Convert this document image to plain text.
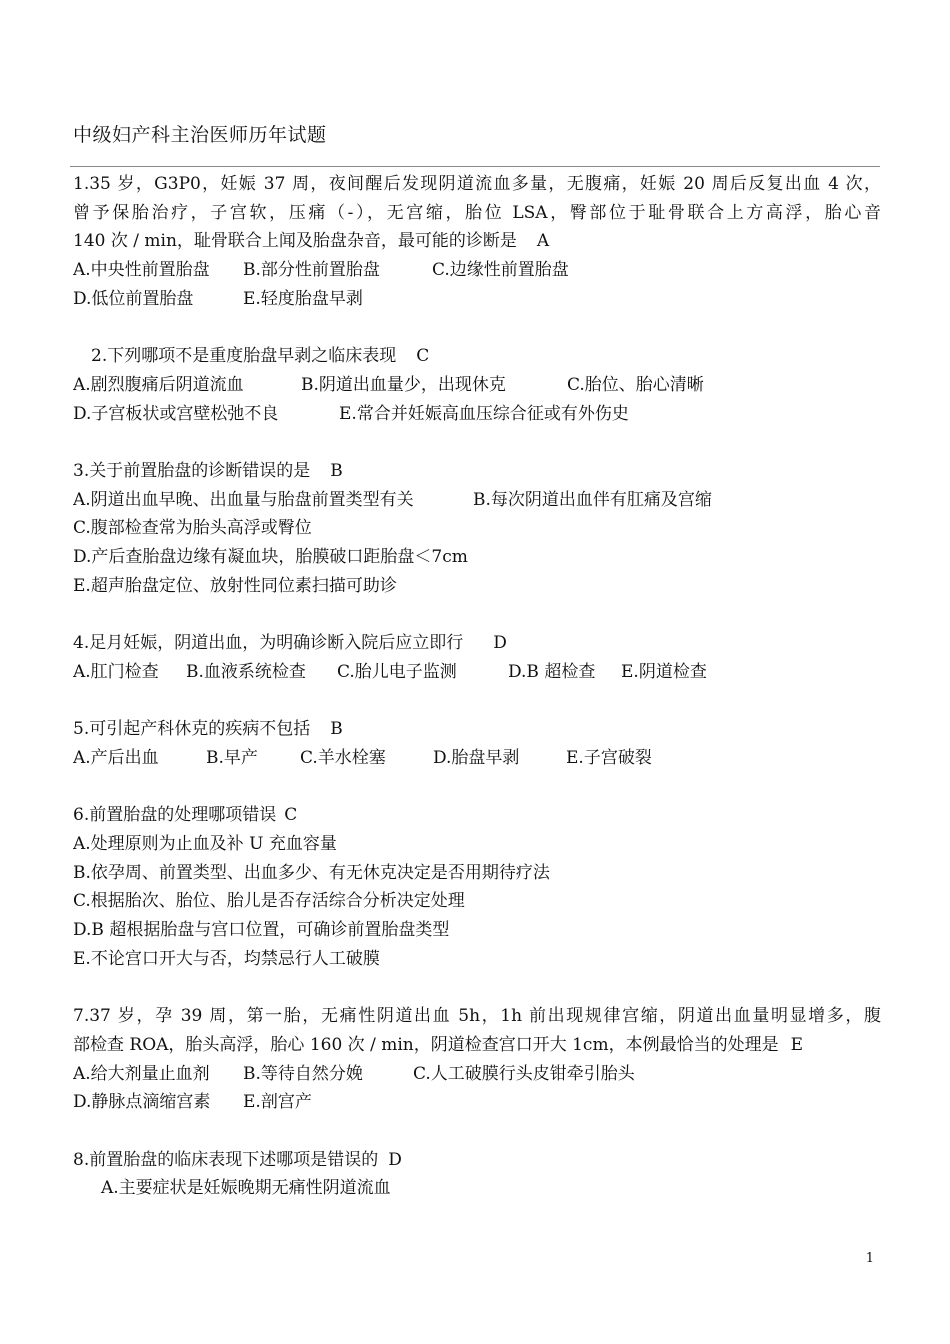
中级妇产科主治医师历年试题
1.35 岁，G3P0，妊娠 37 周，夜间醒后发现阴道流血多量，无腹痛，妊娠 20 周后反复出血 4 次，
曾予保胎治疗，子宫软，压痛（-），无宫缩，胎位 LSA，臀部位于耻骨联合上方高浮，胎心音
140 次 / min，耻骨联合上闻及胎盘杂音，最可能的诊断是 A
A.中央性前置胎盘 B.部分性前置胎盘	C.边缘性前置胎盘
D.低位前置胎盘	E.轻度胎盘早剥
2.下列哪项不是重度胎盘早剥之临床表现 C
A.剧烈腹痛后阴道流血	B.阴道出血量少，出现休克	C.胎位、胎心清晰
D.子宫板状或宫壁松弛不良	E.常合并妊娠高血压综合征或有外伤史
3.关于前置胎盘的诊断错误的是 B
A.阴道出血早晚、出血量与胎盘前置类型有关	B.每次阴道出血伴有肛痛及宫缩
C.腹部检查常为胎头高浮或臀位
D.产后查胎盘边缘有凝血块，胎膜破口距胎盘＜7cm
E.超声胎盘定位、放射性同位素扫描可助诊
4.足月妊娠，阴道出血，为明确诊断入院后应立即行 D
A.肛门检查 B.血液系统检查 C.胎儿电子监测	D.B 超检查 E.阴道检查
5.可引起产科休克的疾病不包括 B
A.产后出血	B.早产 C.羊水栓塞	D.胎盘早剥	E.子宫破裂
6.前置胎盘的处理哪项错误 C
A.处理原则为止血及补 U 充血容量
B.依孕周、前置类型、出血多少、有无休克决定是否用期待疗法
C.根据胎次、胎位、胎儿是否存活综合分析决定处理
D.B 超根据胎盘与宫口位置，可确诊前置胎盘类型
E.不论宫口开大与否，均禁忌行人工破膜
7.37 岁，孕 39 周，第一胎，无痛性阴道出血 5h，1h 前出现规律宫缩，阴道出血量明显增多，腹
部检查 ROA，胎头高浮，胎心 160 次 / min，阴道检查宫口开大 1cm，本例最恰当的处理是 E
A.给大剂量止血剂 B.等待自然分娩	C.人工破膜行头皮钳牵引胎头
D.静脉点滴缩宫素 E.剖宫产
8.前置胎盘的临床表现下述哪项是错误的 D
A.主要症状是妊娠晚期无痛性阴道流血
1
